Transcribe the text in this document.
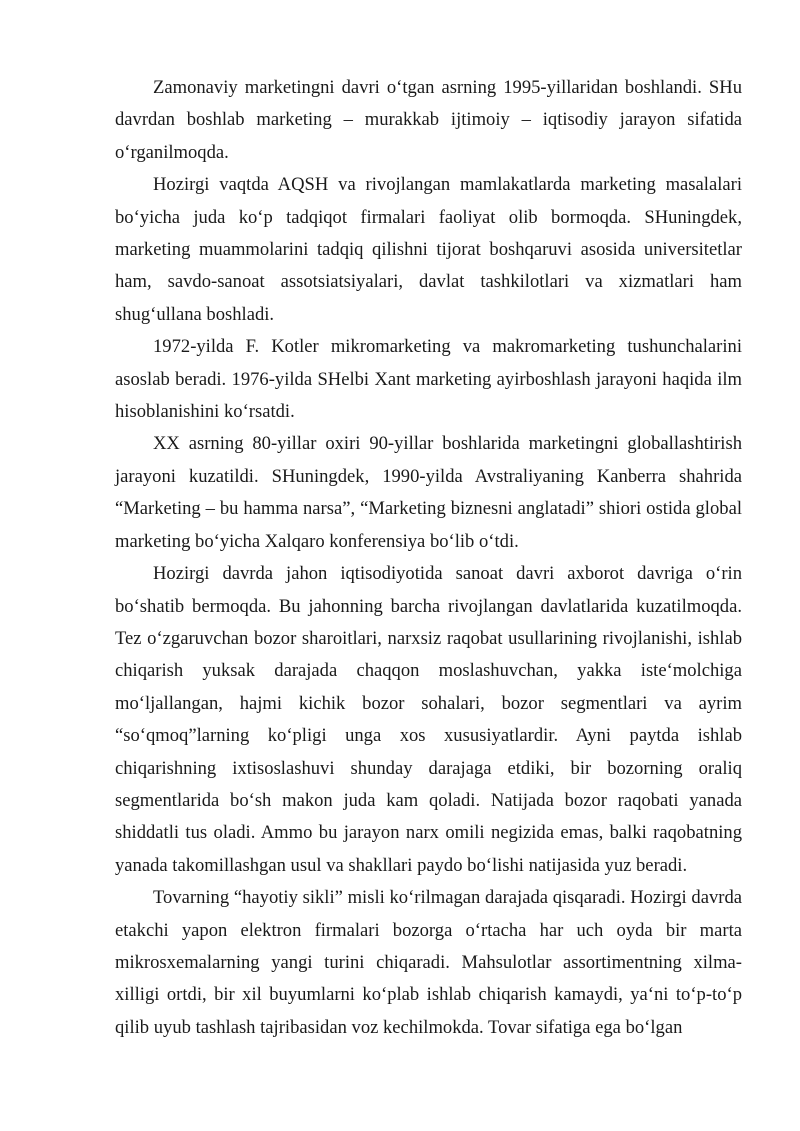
Zamonaviy marketingni davri o‘tgan asrning 1995-yillaridan boshlandi. SHu davrdan boshlab marketing – murakkab ijtimoiy – iqtisodiy jarayon sifatida o‘rganilmoqda.

Hozirgi vaqtda AQSH va rivojlangan mamlakatlarda marketing masalalari bo‘yicha juda ko‘p tadqiqot firmalari faoliyat olib bormoqda. SHuningdek, marketing muammolarini tadqiq qilishni tijorat boshqaruvi asosida universitetlar ham, savdo-sanoat assotsiatsiyalari, davlat tashkilotlari va xizmatlari ham shug‘ullana boshladi.

1972-yilda F. Kotler mikromarketing va makromarketing tushunchalarini asoslab beradi. 1976-yilda SHelbi Xant marketing ayirboshlash jarayoni haqida ilm hisoblanishini ko‘rsatdi.

XX asrning 80-yillar oxiri 90-yillar boshlarida marketingni globallashtirish jarayoni kuzatildi. SHuningdek, 1990-yilda Avstraliyaning Kanberra shahrida “Marketing – bu hamma narsa”, “Marketing biznesni anglatadi” shiori ostida global marketing bo‘yicha Xalqaro konferensiya bo‘lib o‘tdi.

Hozirgi davrda jahon iqtisodiyotida sanoat davri axborot davriga o‘rin bo‘shatib bermoqda. Bu jahonning barcha rivojlangan davlatlarida kuzatilmoqda. Tez o‘zgaruvchan bozor sharoitlari, narxsiz raqobat usullarining rivojlanishi, ishlab chiqarish yuksak darajada chaqqon moslashuvchan, yakka iste‘molchiga mo‘ljallangan, hajmi kichik bozor sohalari, bozor segmentlari va ayrim “so‘qmoq”larning ko‘pligi unga xos xususiyatlardir. Ayni paytda ishlab chiqarishning ixtisoslashuvi shunday darajaga etdiki, bir bozorning oraliq segmentlarida bo‘sh makon juda kam qoladi. Natijada bozor raqobati yanada shiddatli tus oladi. Ammo bu jarayon narx omili negizida emas, balki raqobatning yanada takomillashgan usul va shakllari paydo bo‘lishi natijasida yuz beradi.

Tovarning “hayotiy sikli” misli ko‘rilmagan darajada qisqaradi. Hozirgi davrda etakchi yapon elektron firmalari bozorga o‘rtacha har uch oyda bir marta mikrosxemalarning yangi turini chiqaradi. Mahsulotlar assortimentning xilma-xilligi ortdi, bir xil buyumlarni ko‘plab ishlab chiqarish kamaydi, ya‘ni to‘p-to‘p qilib uyub tashlash tajribasidan voz kechilmokda. Tovar sifatiga ega bo‘lgan
